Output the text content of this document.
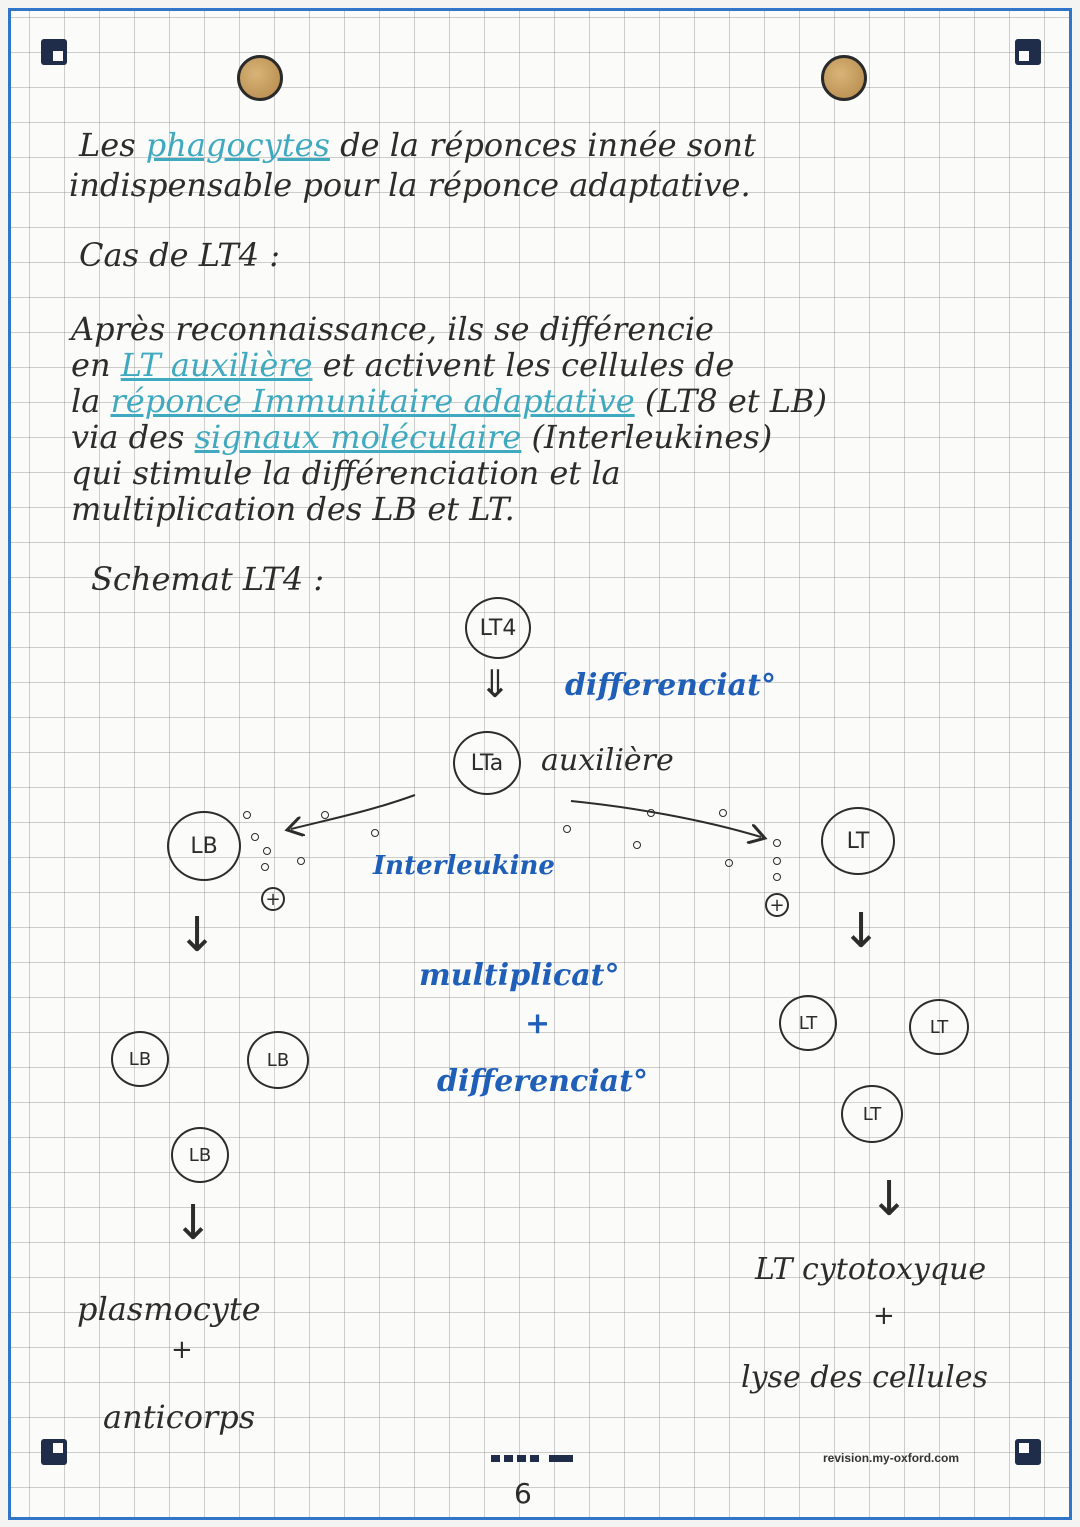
Les phagocytes de la réponces innée sont
indispensable pour la réponce adaptative.
Cas de LT4 :
Après reconnaissance, ils se différencie
en LT auxilière et activent les cellules de
la réponce Immunitaire adaptative (LT8 et LB)
via des signaux moléculaire (Interleukines)
qui stimule la différenciation et la
multiplication des LB et LT.
Schemat LT4 :
LT4
⇓ differenciat°
LTa	auxilière
LB	LT
+	+
Interleukine
↓	↓
multiplicat°
+
differenciat°
LB	LB
LB
LT	LT
LT
↓	↓
plasmocyte
+
anticorps
LT cytotoxyque
+
lyse des cellules
6
revision.my-oxford.com
